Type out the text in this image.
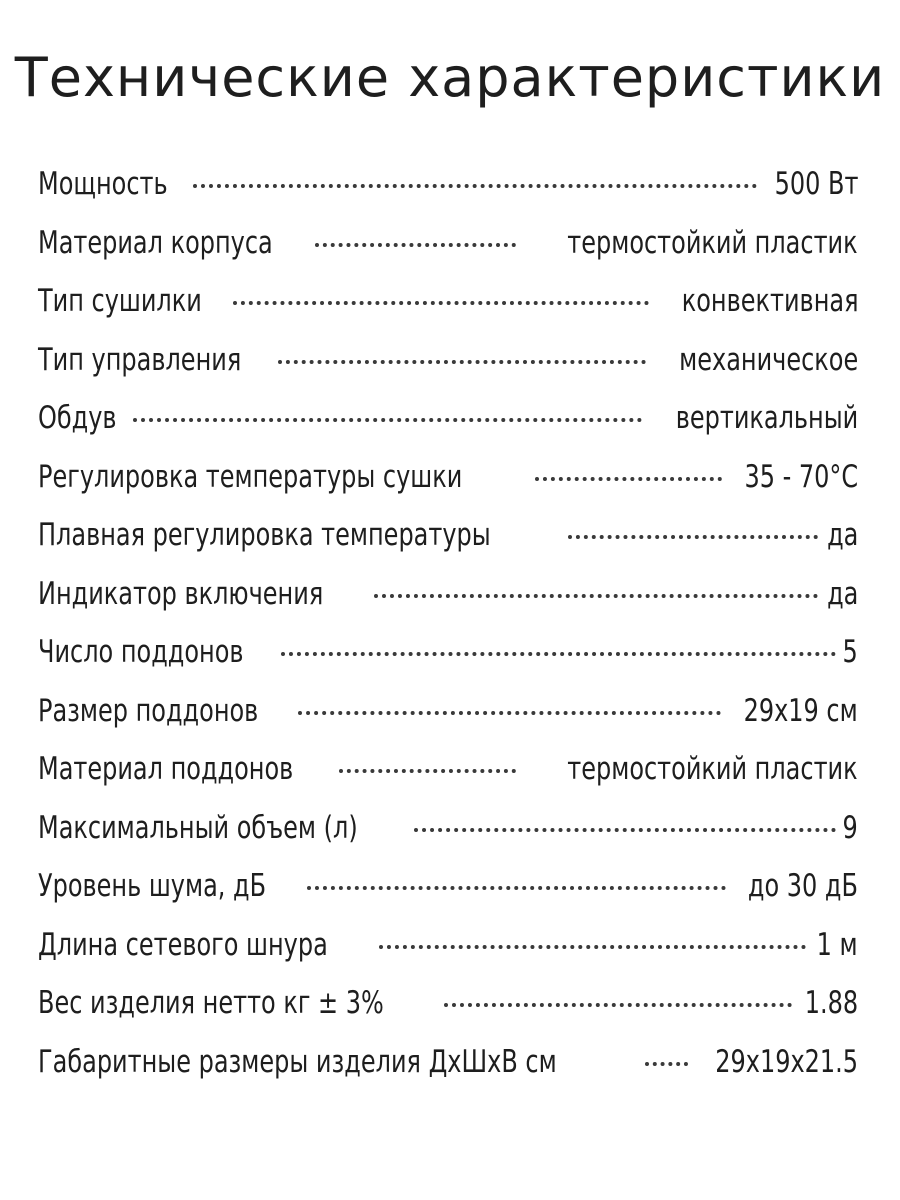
Технические характеристики
Мощность	500 Вт
Материал корпуса	термостойкий пластик
Тип сушилки	конвективная
Тип управления	механическое
Обдув	вертикальный
Регулировка температуры сушки	35 - 70°С
Плавная регулировка температуры	да
Индикатор включения	да
Число поддонов	5
Размер поддонов	29х19 см
Материал поддонов	термостойкий пластик
Максимальный объем (л)	9
Уровень шума, дБ	до 30 дБ
Длина сетевого шнура	1 м
Вес изделия нетто кг ± 3%	1.88
Габаритные размеры изделия ДхШхВ см	29х19х21.5
